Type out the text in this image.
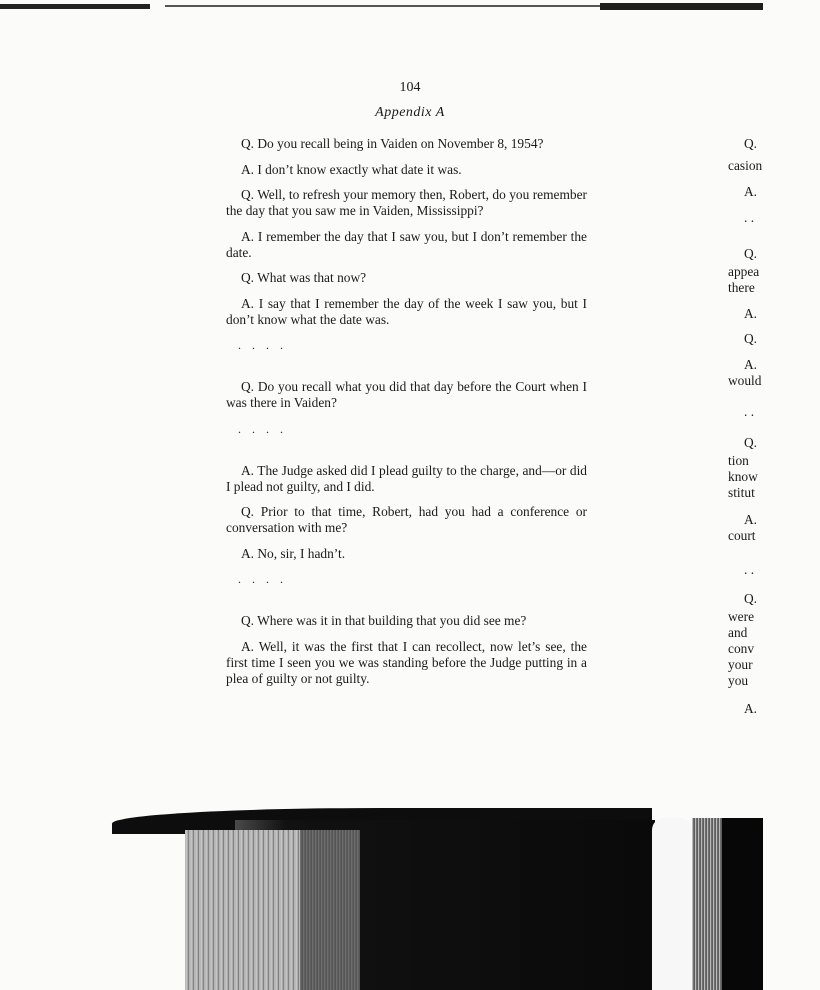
104
Appendix A

Q. Do you recall being in Vaiden on November 8, 1954?

A. I don’t know exactly what date it was.

Q. Well, to refresh your memory then, Robert, do you remember the day that you saw me in Vaiden, Mississippi?

A. I remember the day that I saw you, but I don’t remember the date.

Q. What was that now?

A. I say that I remember the day of the week I saw you, but I don’t know what the date was.

. . . .

Q. Do you recall what you did that day before the Court when I was there in Vaiden?

. . . .

A. The Judge asked did I plead guilty to the charge, and—or did I plead not guilty, and I did.

Q. Prior to that time, Robert, had you had a conference or conversation with me?

A. No, sir, I hadn’t.

. . . .

Q. Where was it in that building that you did see me?

A. Well, it was the first that I can recollect, now let’s see, the first time I seen you we was standing before the Judge putting in a plea of guilty or not guilty.

Q.
casion
A.
. .
Q.
appea
there
A.
Q.
A.
would
. .
Q.
tion
know
stitut
A.
court
. .
Q.
were
and
conv
your
you
A.
